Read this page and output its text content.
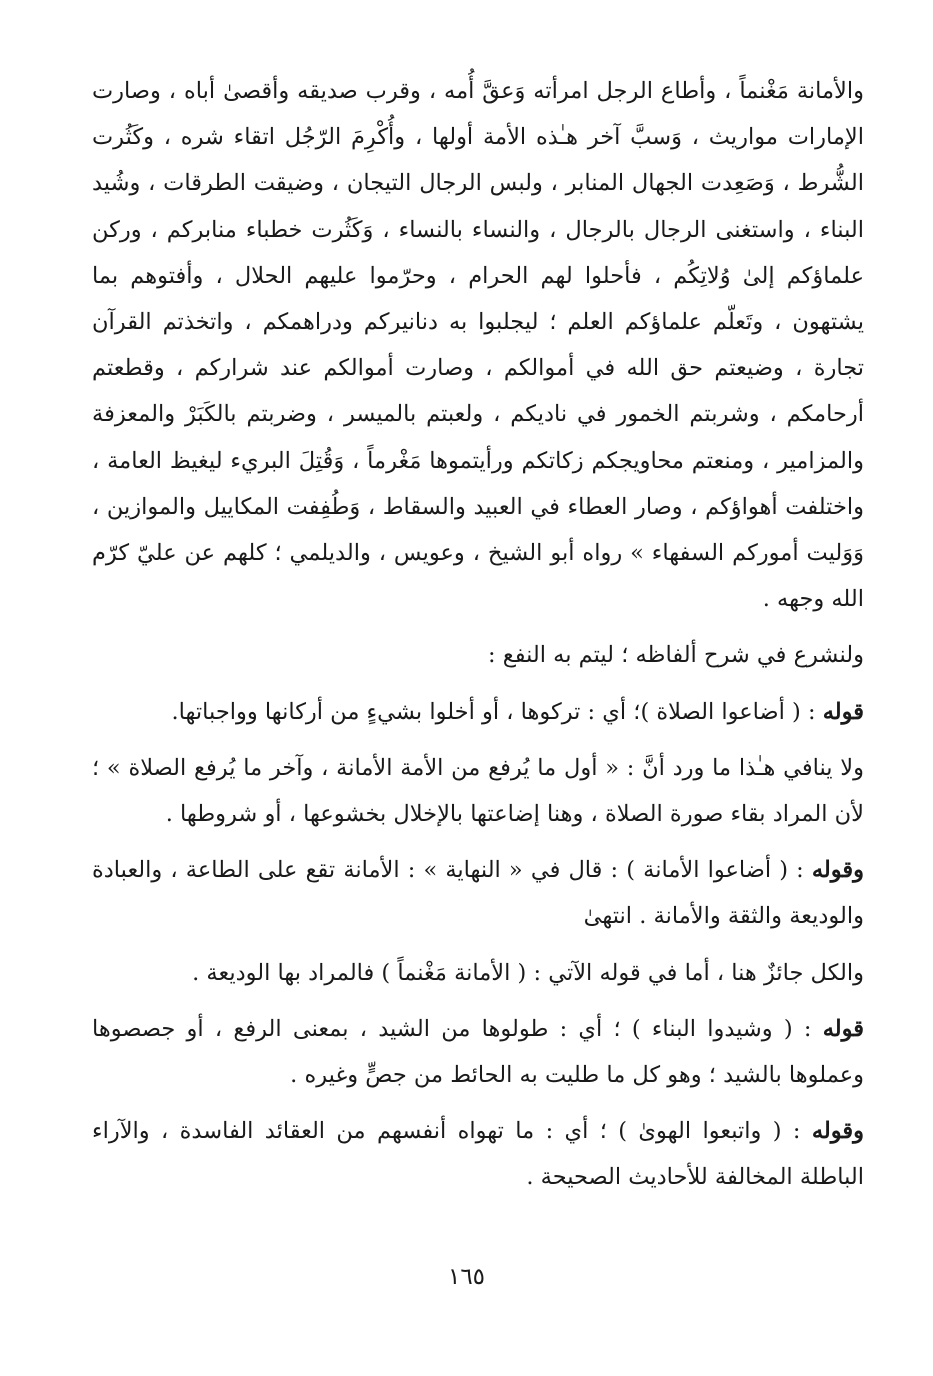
والأمانة مَغْنماً ، وأطاع الرجل امرأته وَعقَّ أُمه ، وقرب صديقه وأقصىٰ أباه ، وصارت الإمارات مواريث ، وَسبَّ آخر هـٰذه الأمة أولها ، وأُكْرِمَ الرّجُل اتقاء شره ، وكَثُرت الشُّرط ، وَصَعِدت الجهال المنابر ، ولبس الرجال التيجان ، وضيقت الطرقات ، وشُيد البناء ، واستغنى الرجال بالرجال ، والنساء بالنساء ، وَكَثُرت خطباء منابركم ، وركن علماؤكم إلىٰ وُلاتِكُم ، فأحلوا لهم الحرام ، وحرّموا عليهم الحلال ، وأفتوهم بما يشتهون ، وتَعلّم علماؤكم العلم ؛ ليجلبوا به دنانيركم ودراهمكم ، واتخذتم القرآن تجارة ، وضيعتم حق الله في أموالكم ، وصارت أموالكم عند شراركم ، وقطعتم أرحامكم ، وشربتم الخمور في ناديكم ، ولعبتم بالميسر ، وضربتم بالكَبَرْ والمعزفة والمزامير ، ومنعتم محاويجكم زكاتكم ورأيتموها مَغْرماً ، وَقُتِلَ البريء ليغيظ العامة ، واختلفت أهواؤكم ، وصار العطاء في العبيد والسقاط ، وَطُفِفت المكاييل والموازين ، وَوَليت أموركم السفهاء » رواه أبو الشيخ ، وعويس ، والديلمي ؛ كلهم عن عليّ كرّم الله وجهه .

ولنشرع في شرح ألفاظه ؛ ليتم به النفع :

قوله : ( أضاعوا الصلاة )؛ أي : تركوها ، أو أخلوا بشيءٍ من أركانها وواجباتها.

ولا ينافي هـٰذا ما ورد أنَّ : « أول ما يُرفع من الأمة الأمانة ، وآخر ما يُرفع الصلاة » ؛ لأن المراد بقاء صورة الصلاة ، وهنا إضاعتها بالإخلال بخشوعها ، أو شروطها .

وقوله : ( أضاعوا الأمانة ) : قال في « النهاية » : الأمانة تقع على الطاعة ، والعبادة والوديعة والثقة والأمانة . انتهىٰ

والكل جائزٌ هنا ، أما في قوله الآتي : ( الأمانة مَغْنماً ) فالمراد بها الوديعة .

قوله : ( وشيدوا البناء ) ؛ أي : طولوها من الشيد ، بمعنى الرفع ، أو جصصوها وعملوها بالشيد ؛ وهو كل ما طليت به الحائط من جصٍّ وغيره .

وقوله : ( واتبعوا الهوىٰ ) ؛ أي : ما تهواه أنفسهم من العقائد الفاسدة ، والآراء الباطلة المخالفة للأحاديث الصحيحة .

١٦٥
